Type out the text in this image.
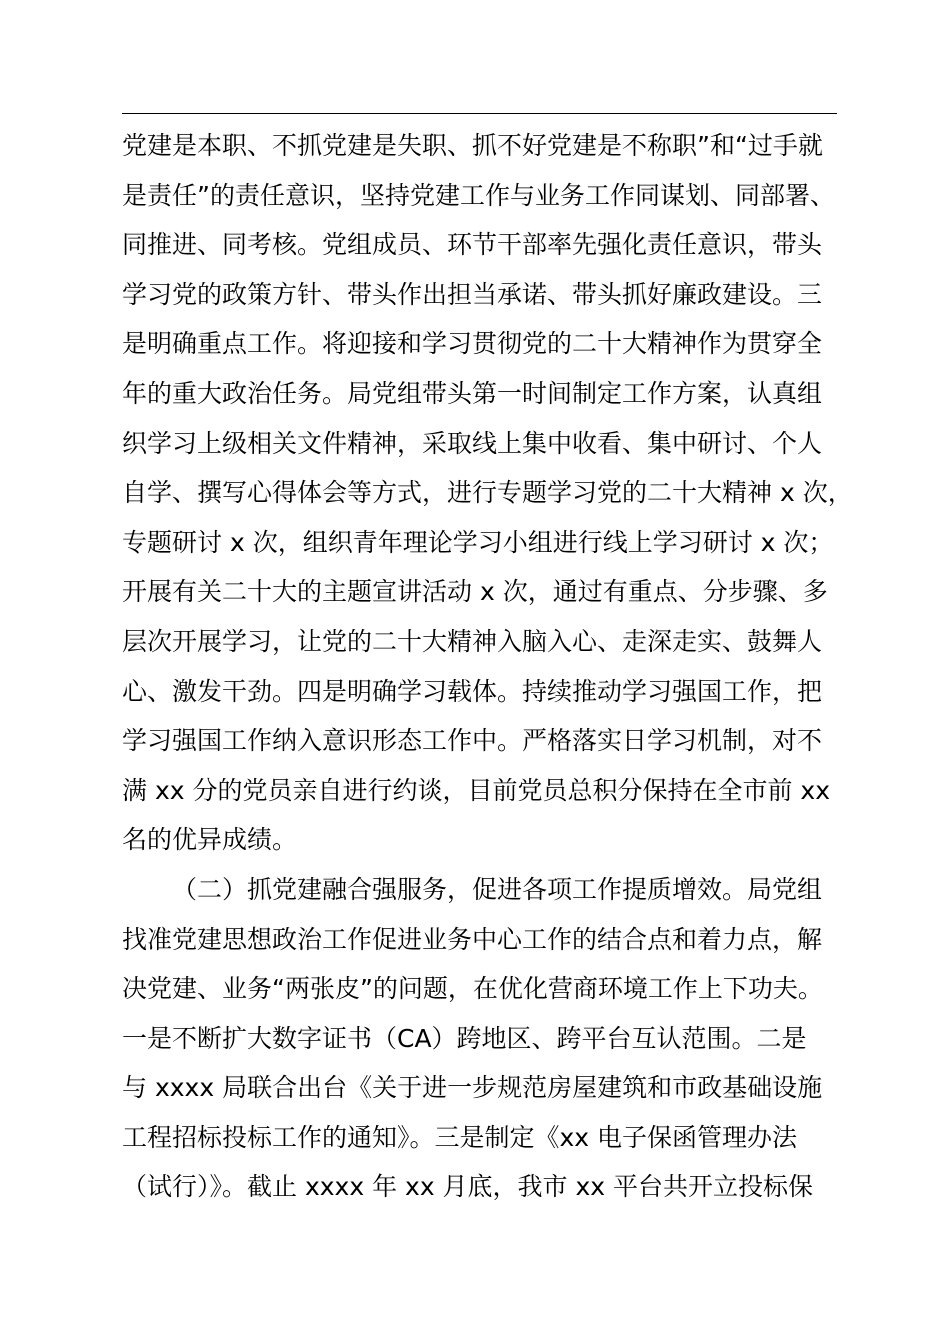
党建是本职、不抓党建是失职、抓不好党建是不称职”和“过手就
是责任”的责任意识，坚持党建工作与业务工作同谋划、同部署、
同推进、同考核。党组成员、环节干部率先强化责任意识，带头
学习党的政策方针、带头作出担当承诺、带头抓好廉政建设。三
是明确重点工作。将迎接和学习贯彻党的二十大精神作为贯穿全
年的重大政治任务。局党组带头第一时间制定工作方案，认真组
织学习上级相关文件精神，采取线上集中收看、集中研讨、个人
自学、撰写心得体会等方式，进行专题学习党的二十大精神 x 次，
专题研讨 x 次，组织青年理论学习小组进行线上学习研讨 x 次；
开展有关二十大的主题宣讲活动 x 次，通过有重点、分步骤、多
层次开展学习，让党的二十大精神入脑入心、走深走实、鼓舞人
心、激发干劲。四是明确学习载体。持续推动学习强国工作，把
学习强国工作纳入意识形态工作中。严格落实日学习机制，对不
满 xx 分的党员亲自进行约谈，目前党员总积分保持在全市前 xx
名的优异成绩。
（二）抓党建融合强服务，促进各项工作提质增效。局党组
找准党建思想政治工作促进业务中心工作的结合点和着力点，解
决党建、业务“两张皮”的问题，在优化营商环境工作上下功夫。
一是不断扩大数字证书（CA）跨地区、跨平台互认范围。二是
与 xxxx 局联合出台《关于进一步规范房屋建筑和市政基础设施
工程招标投标工作的通知》。三是制定《xx 电子保函管理办法
（试行）》。截止 xxxx 年 xx 月底，我市 xx 平台共开立投标保
